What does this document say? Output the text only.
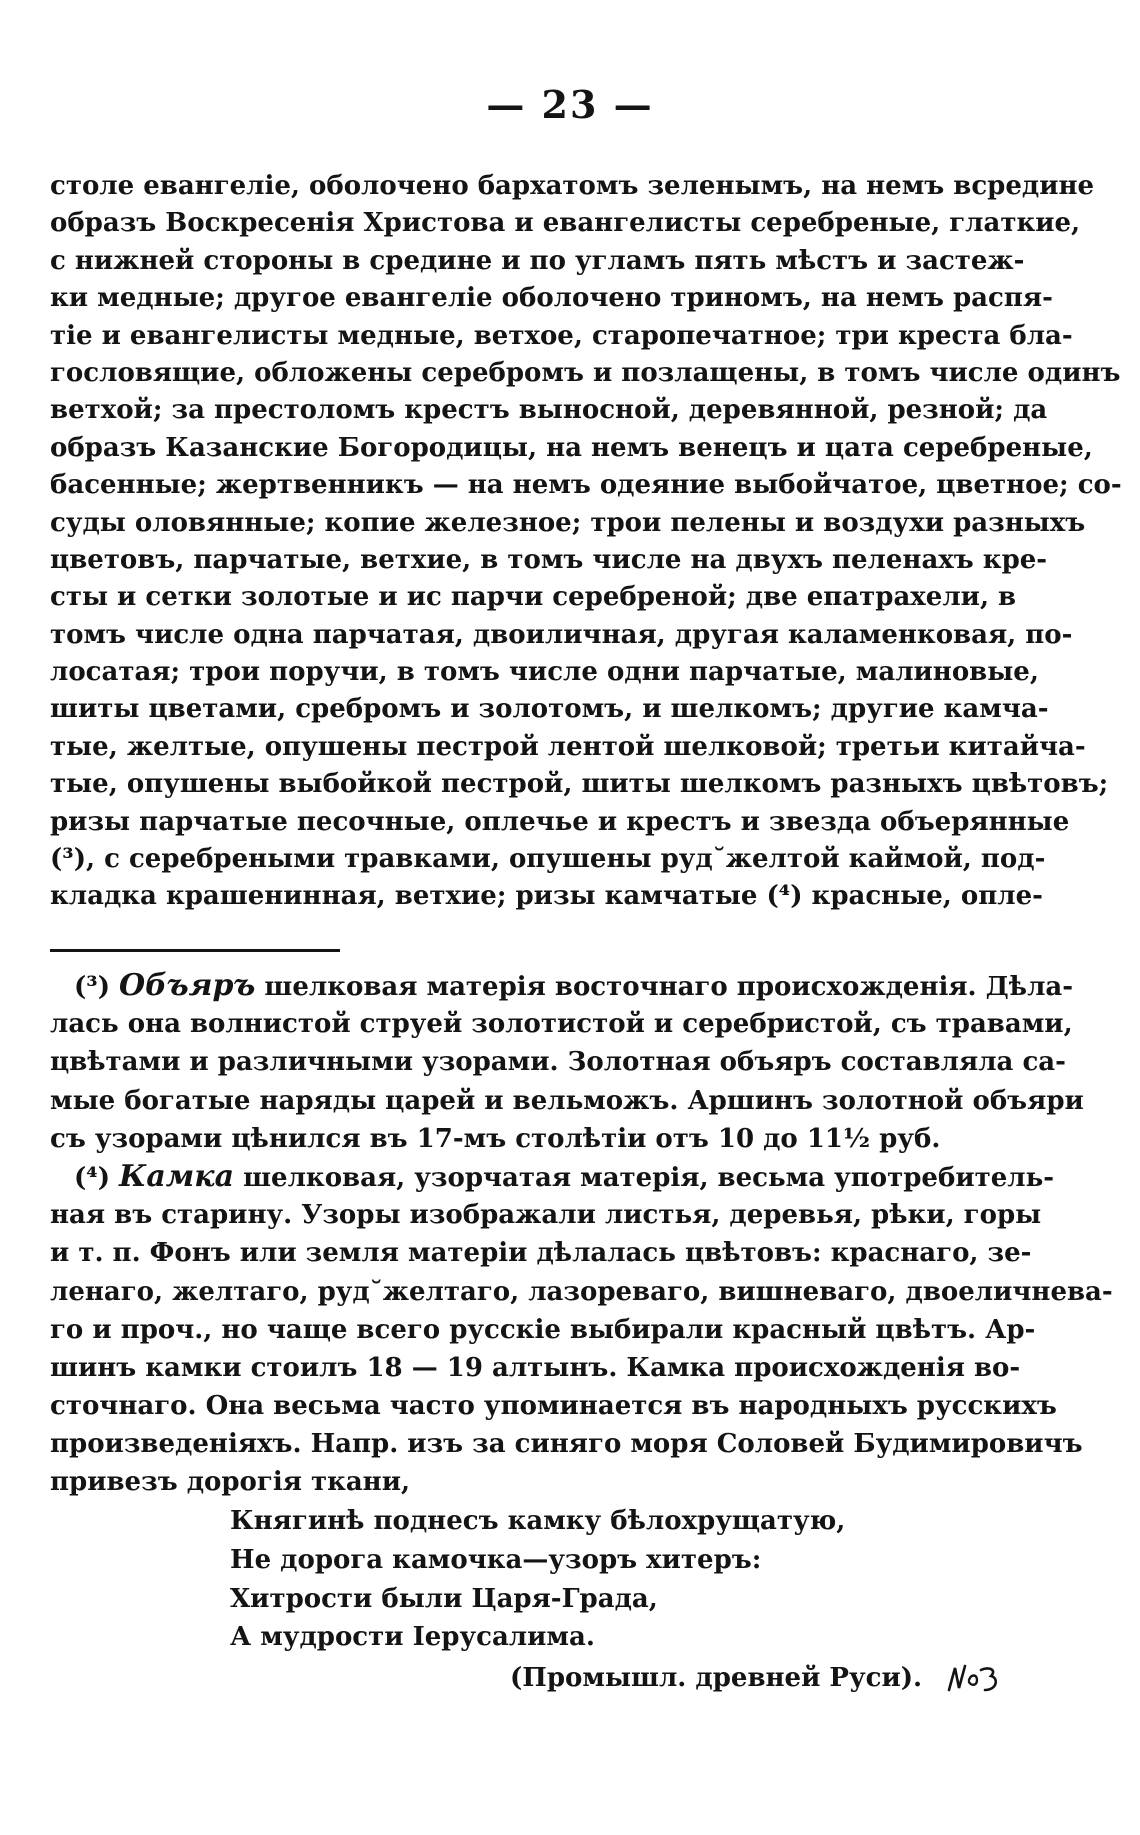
— 23 —
столе евангеліе, оболочено бархатомъ зеленымъ, на немъ всредине
образъ Воскресенія Христова и евангелисты серебреные, глаткие,
с нижней стороны в средине и по угламъ пять мѣстъ и застеж-
ки медные; другое евангеліе оболочено триномъ, на немъ распя-
тіе и евангелисты медные, ветхое, старопечатное; три креста бла-
гословящие, обложены серебромъ и позлащены, в томъ числе одинъ
ветхой; за престоломъ крестъ выносной, деревянной, резной; да
образъ Казанские Богородицы, на немъ венецъ и цата серебреные,
басенные; жертвенникъ — на немъ одеяние выбойчатое, цветное; со-
суды оловянные; копие железное; трои пелены и воздухи разныхъ
цветовъ, парчатые, ветхие, в томъ числе на двухъ пеленахъ кре-
сты и сетки золотые и ис парчи серебреной; две епатрахели, в
томъ числе одна парчатая, двоиличная, другая каламенковая, по-
лосатая; трои поручи, в томъ числе одни парчатые, малиновые,
шиты цветами, сребромъ и золотомъ, и шелкомъ; другие камча-
тые, желтые, опушены пестрой лентой шелковой; третьи китайча-
тые, опушены выбойкой пестрой, шиты шелкомъ разныхъ цвѣтовъ;
ризы парчатые песочные, оплечье и крестъ и звезда объерянные
(³), с серебреными травками, опушены руд˘желтой каймой, под-
кладка крашенинная, ветхие; ризы камчатые (⁴) красные, опле-
(³) Объяръ шелковая матерія восточнаго происхожденія. Дѣла-
лась она волнистой струей золотистой и серебристой, съ травами,
цвѣтами и различными узорами. Золотная объяръ составляла са-
мые богатые наряды царей и вельможъ. Аршинъ золотной объяри
съ узорами цѣнился въ 17-мъ столѣтіи отъ 10 до 11½ руб.
(⁴) Камка шелковая, узорчатая матерія, весьма употребитель-
ная въ старину. Узоры изображали листья, деревья, рѣки, горы
и т. п. Фонъ или земля матеріи дѣлалась цвѣтовъ: краснаго, зе-
ленаго, желтаго, руд˘желтаго, лазореваго, вишневаго, двоеличнева-
го и проч., но чаще всего русскіе выбирали красный цвѣтъ. Ар-
шинъ камки стоилъ 18 — 19 алтынъ. Камка происхожденія во-
сточнаго. Она весьма часто упоминается въ народныхъ русскихъ
произведеніяхъ. Напр. изъ за синяго моря Соловей Будимировичъ
привезъ дорогія ткани,
Княгинѣ поднесъ камку бѣлохрущатую,
Не дорога камочка—узоръ хитеръ:
Хитрости были Царя-Града,
А мудрости Іерусалима.
(Промышл. древней Руси).
